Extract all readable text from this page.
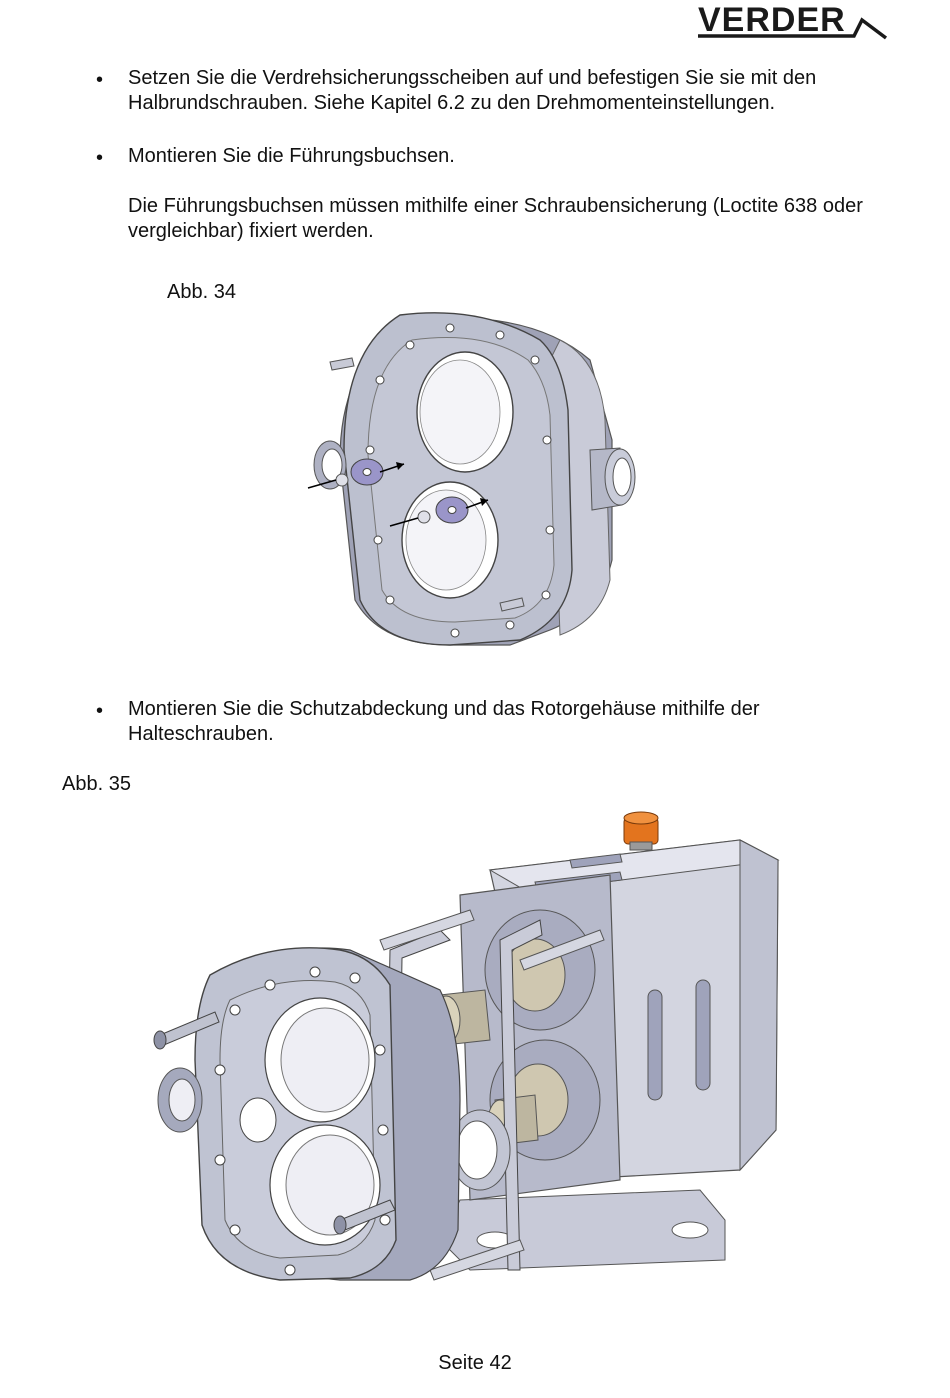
VERDER
• Setzen Sie die Verdrehsicherungsscheiben auf und befestigen Sie sie mit den Halbrundschrauben. Siehe Kapitel 6.2 zu den Drehmomenteinstellungen.
• Montieren Sie die Führungsbuchsen.
Die Führungsbuchsen müssen mithilfe einer Schraubensicherung (Loctite 638 oder vergleichbar) fixiert werden.
Abb. 34
• Montieren Sie die Schutzabdeckung und das Rotorgehäuse mithilfe der Halteschrauben.
Abb. 35
Seite 42
